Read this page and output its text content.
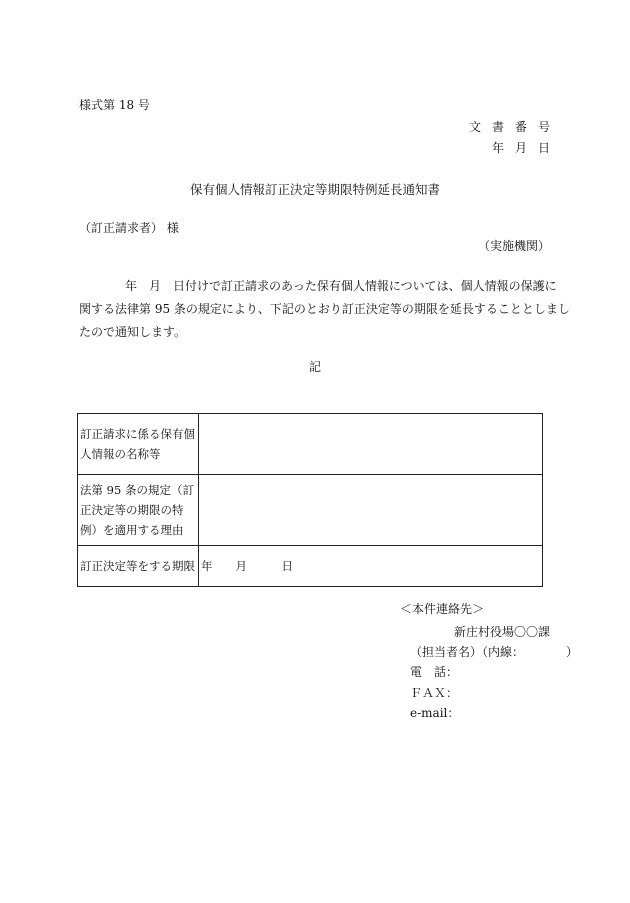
様式第 18 号
文書番号
年月日
保有個人情報訂正決定等期限特例延長通知書
（訂正請求者） 様
（実施機関）
年　月　日付けで訂正請求のあった保有個人情報については、個人情報の保護に
関する法律第 95 条の規定により、下記のとおり訂正決定等の期限を延長することとしまし
たので通知します。
記
訂正請求に係る保有個人情報の名称等	
法第 95 条の規定（訂正決定等の期限の特例）を適用する理由	
訂正決定等をする期限	年　　月　　　日
＜本件連絡先＞
新庄村役場〇〇課
（担当者名）（内線：　　　　）
電　話：
ＦＡＸ：
e-mail：
